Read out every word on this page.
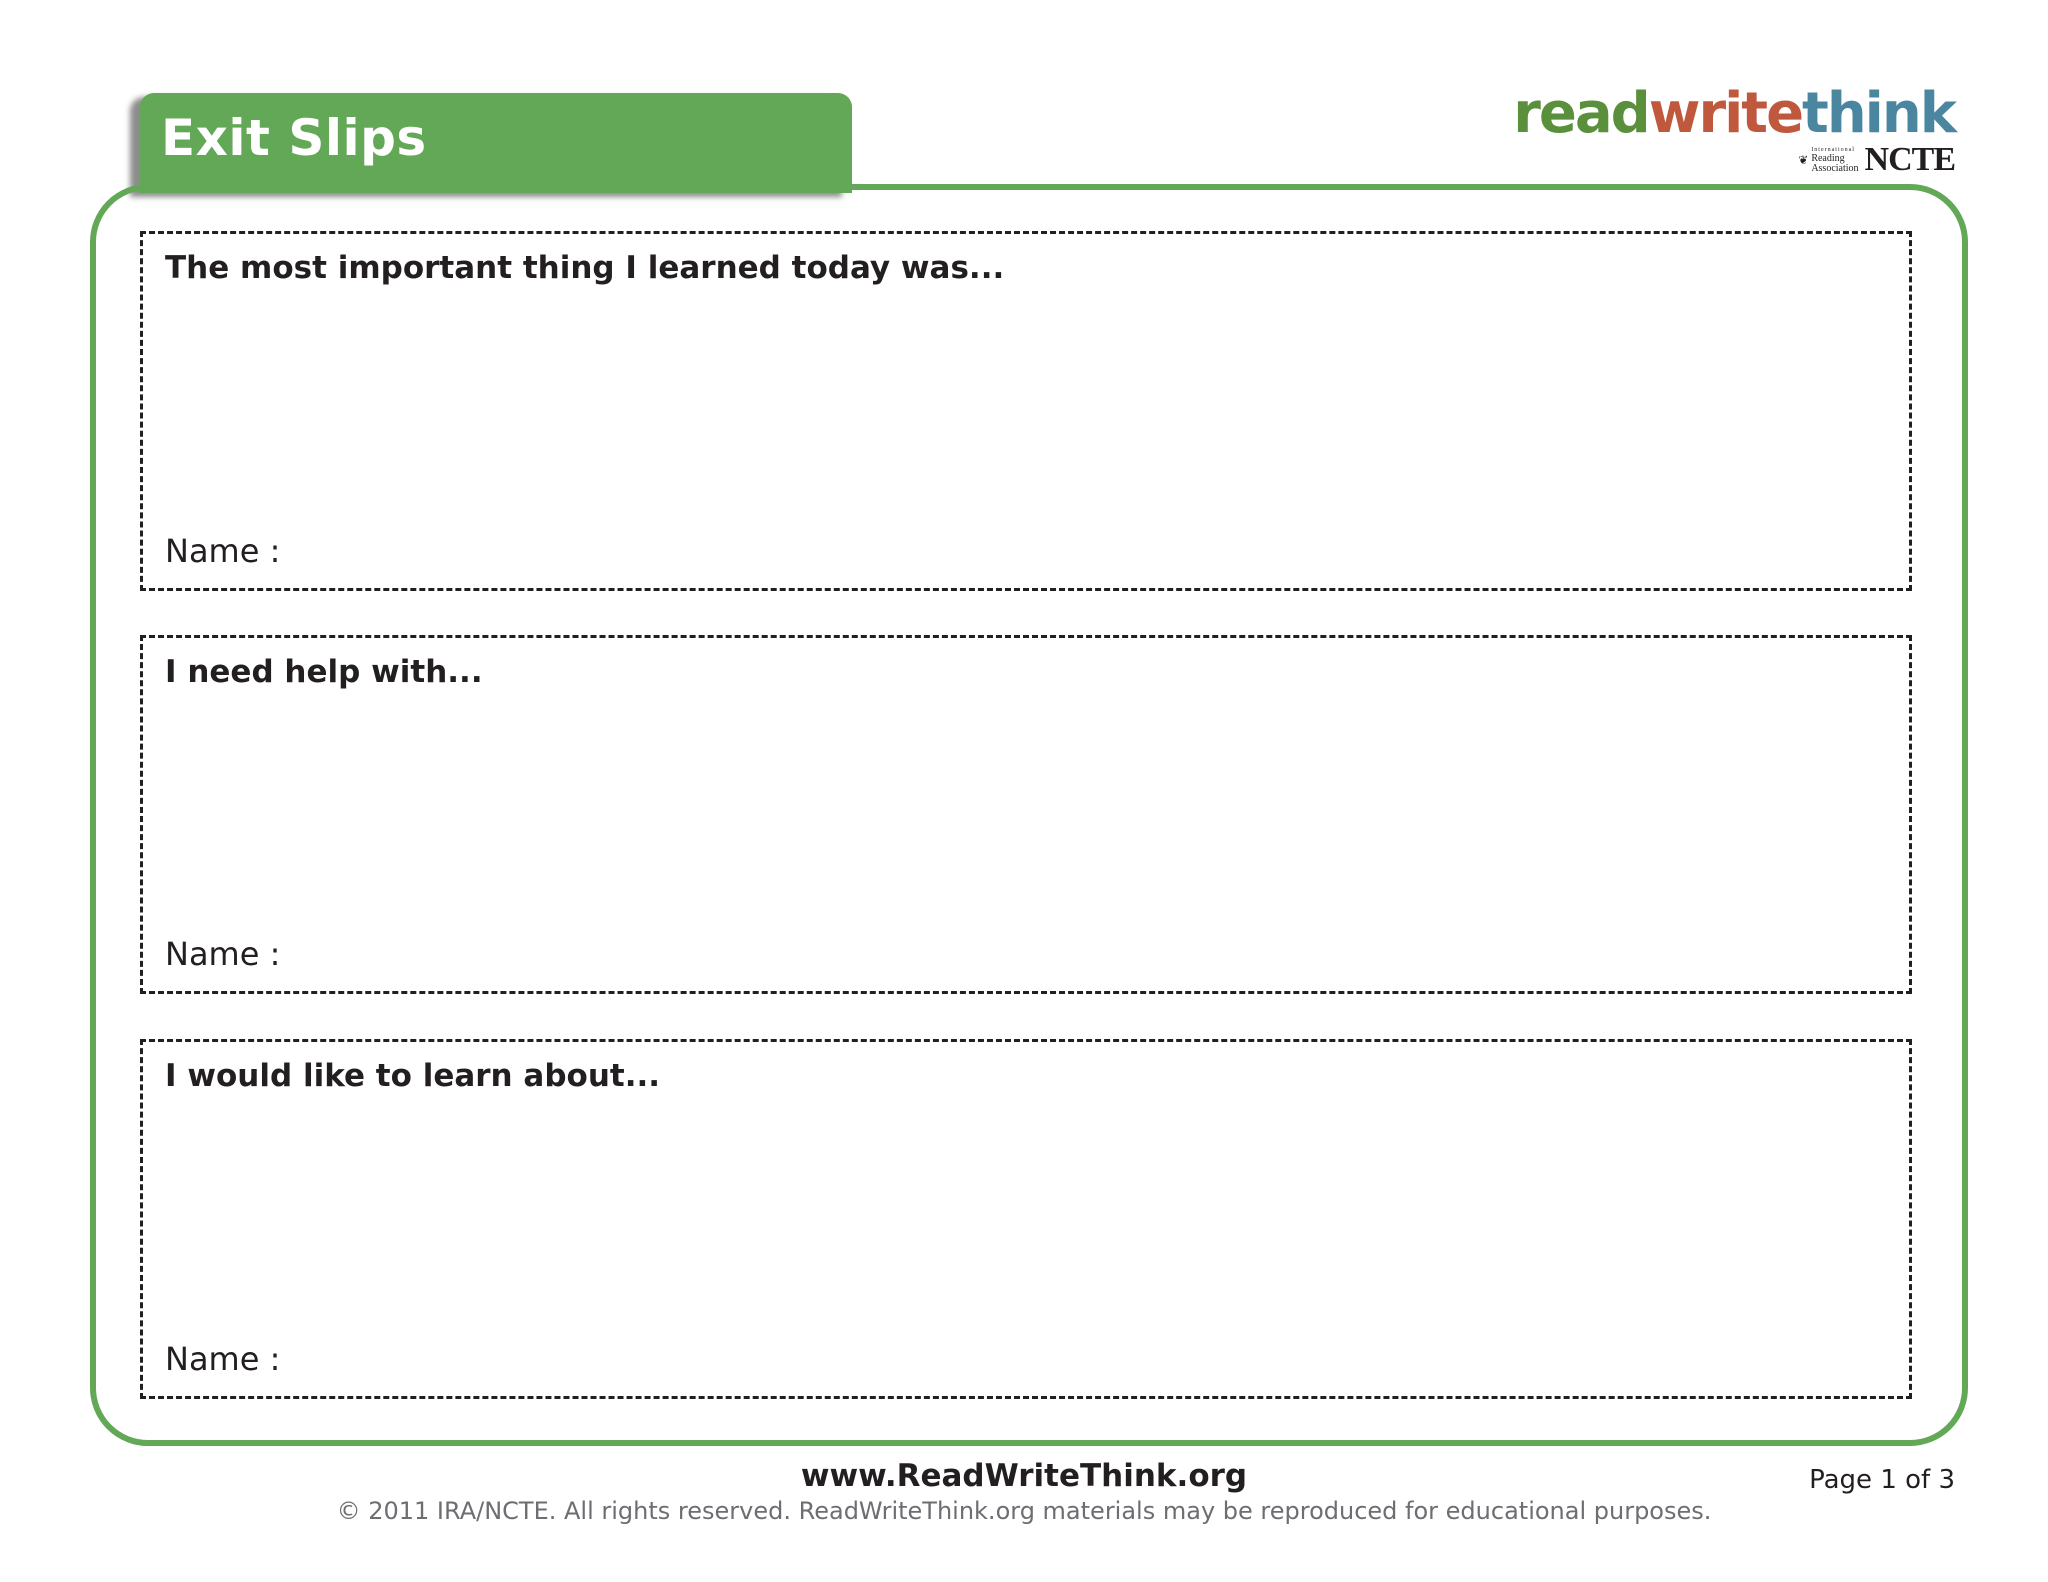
Exit Slips	readwritethink
❦
International
Reading
Association NCTE
The most important thing I learned today was...
Name :
I need help with...
Name :
I would like to learn about...
Name :
www.ReadWriteThink.org
© 2011 IRA/NCTE. All rights reserved. ReadWriteThink.org materials may be reproduced for educational purposes.
Page 1 of 3
